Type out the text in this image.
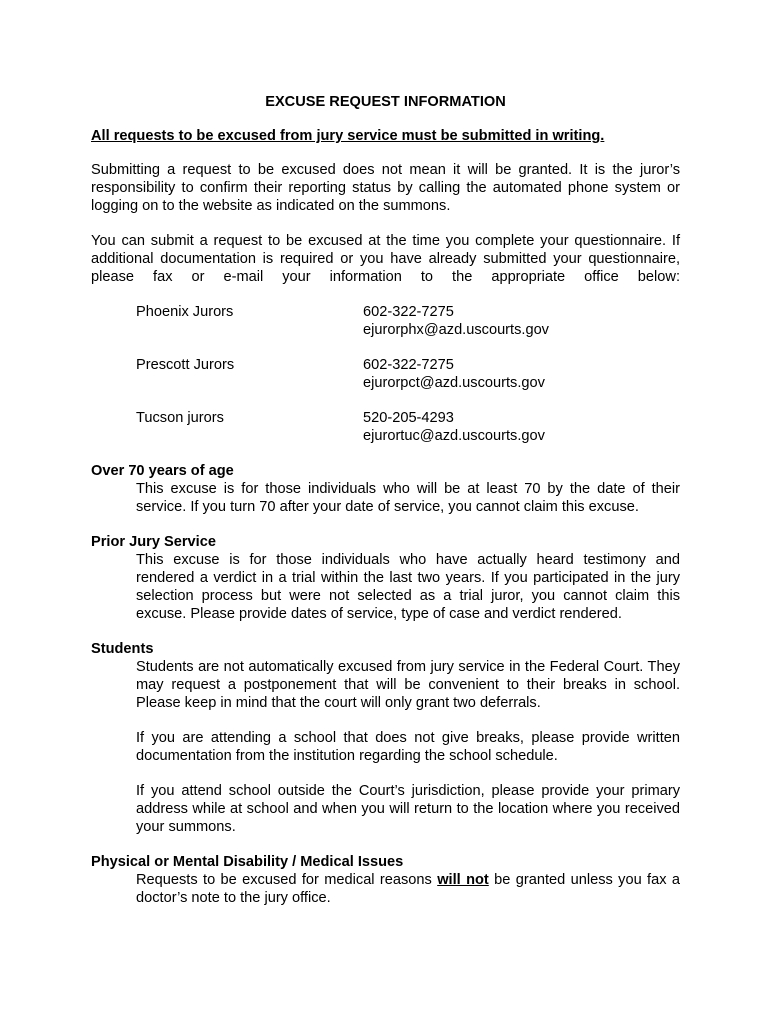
EXCUSE REQUEST INFORMATION
All requests to be excused from jury service must be submitted in writing.

Submitting a request to be excused does not mean it will be granted. It is the juror’s responsibility to confirm their reporting status by calling the automated phone system or logging on to the website as indicated on the summons.

You can submit a request to be excused at the time you complete your questionnaire. If additional documentation is required or you have already submitted your questionnaire, please fax or e-mail your information to the appropriate office below:

Phoenix Jurors	602-322-7275
ejurorphx@azd.uscourts.gov
Prescott Jurors	602-322-7275
ejurorpct@azd.uscourts.gov
Tucson jurors	520-205-4293
ejurortuc@azd.uscourts.gov
Over 70 years of age

This excuse is for those individuals who will be at least 70 by the date of their service. If you turn 70 after your date of service, you cannot claim this excuse.

Prior Jury Service

This excuse is for those individuals who have actually heard testimony and rendered a verdict in a trial within the last two years. If you participated in the jury selection process but were not selected as a trial juror, you cannot claim this excuse. Please provide dates of service, type of case and verdict rendered.

Students

Students are not automatically excused from jury service in the Federal Court. They may request a postponement that will be convenient to their breaks in school. Please keep in mind that the court will only grant two deferrals.

If you are attending a school that does not give breaks, please provide written documentation from the institution regarding the school schedule.

If you attend school outside the Court’s jurisdiction, please provide your primary address while at school and when you will return to the location where you received your summons.

Physical or Mental Disability / Medical Issues

Requests to be excused for medical reasons will not be granted unless you fax a doctor’s note to the jury office.
